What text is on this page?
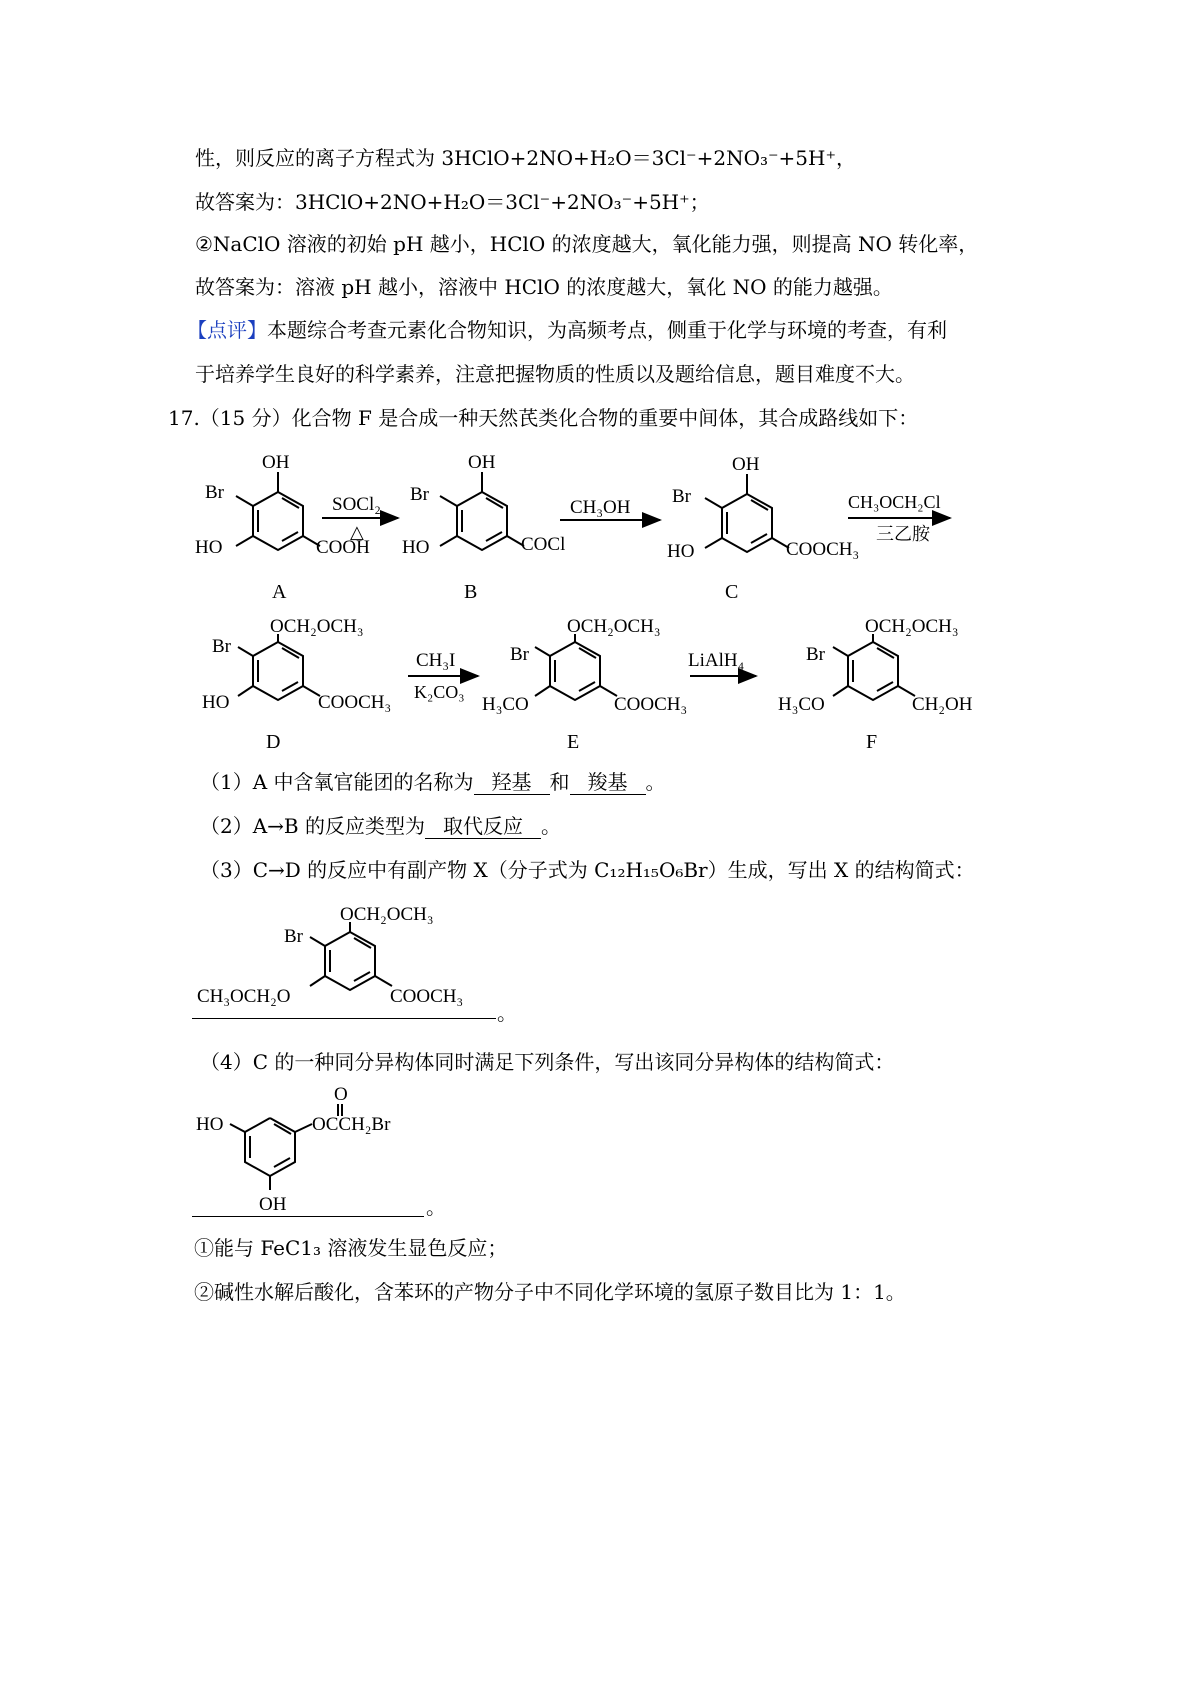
性，则反应的离子方程式为 3HClO+2NO+H₂O＝3Cl⁻+2NO₃⁻+5H⁺，
故答案为：3HClO+2NO+H₂O＝3Cl⁻+2NO₃⁻+5H⁺；
②NaClO 溶液的初始 pH 越小，HClO 的浓度越大，氧化能力强，则提高 NO 转化率，
故答案为：溶液 pH 越小，溶液中 HClO 的浓度越大，氧化 NO 的能力越强。
【点评】本题综合考查元素化合物知识，为高频考点，侧重于化学与环境的考查，有利
于培养学生良好的科学素养，注意把握物质的性质以及题给信息，题目难度不大。
17.（15 分）化合物 F 是合成一种天然芪类化合物的重要中间体，其合成路线如下：
OH
Br
HO	COOH
A
SOCl₂
△
OH
Br
HO	COCl
B
CH₃OH
OH
Br
HO	COOCH₃
C
CH₃OCH₂Cl
三乙胺
OCH₂OCH₃
Br
HO	COOCH₃
D
CH₃I
K₂CO₃
OCH₂OCH₃
Br
H₃CO	COOCH₃
E
LiAlH₄
OCH₂OCH₃
Br
H₃CO	CH₂OH
F
（1）A 中含氧官能团的名称为 羟基 和 羧基 。
（2）A→B 的反应类型为 取代反应 。
（3）C→D 的反应中有副产物 X（分子式为 C₁₂H₁₅O₆Br）生成，写出 X 的结构简式：
OCH₂OCH₃
Br
CH₃OCH₂O	COOCH₃
。
（4）C 的一种同分异构体同时满足下列条件，写出该同分异构体的结构简式：
O
HO	OCCH₂Br
OH	。
①能与 FeC1₃ 溶液发生显色反应；
②碱性水解后酸化，含苯环的产物分子中不同化学环境的氢原子数目比为 1：1。
